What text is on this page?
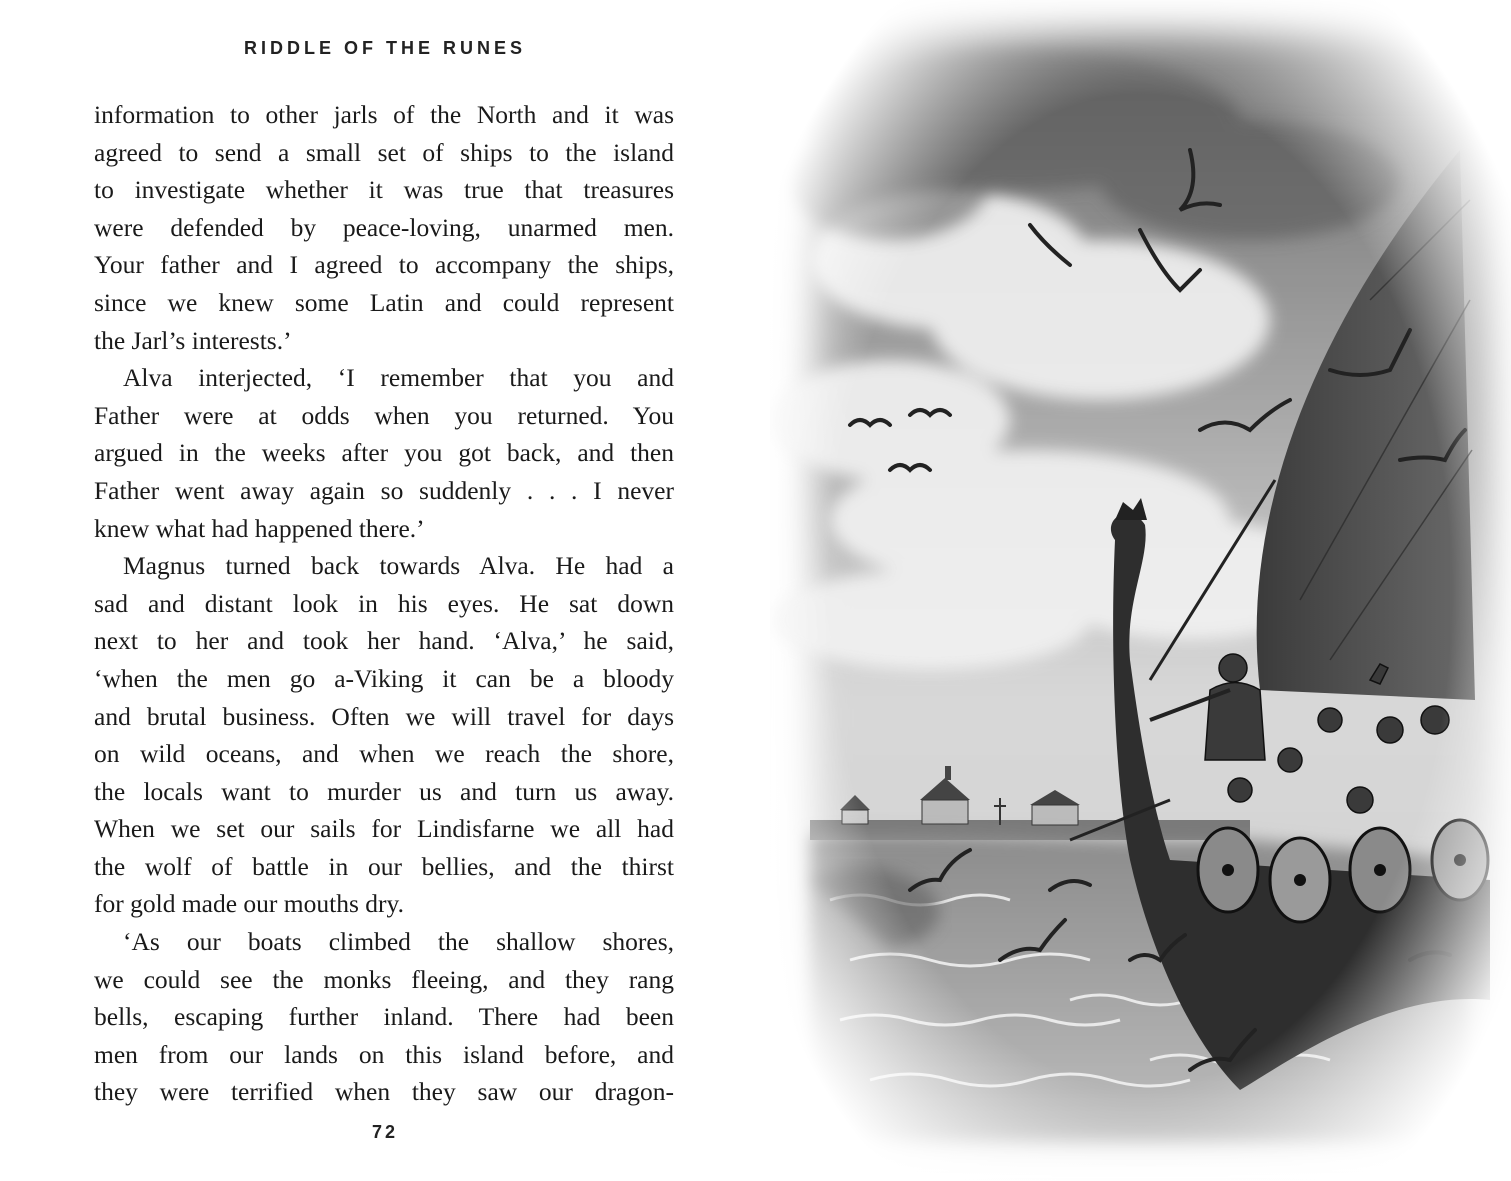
RIDDLE OF THE RUNES
information to other jarls of the North and it was
agreed to send a small set of ships to the island
to investigate whether it was true that treasures
were defended by peace-loving, unarmed men.
Your father and I agreed to accompany the ships,
since we knew some Latin and could represent
the Jarl’s interests.’
Alva interjected, ‘I remember that you and
Father were at odds when you returned. You
argued in the weeks after you got back, and then
Father went away again so suddenly . . . I never
knew what had happened there.’
Magnus turned back towards Alva. He had a
sad and distant look in his eyes. He sat down
next to her and took her hand. ‘Alva,’ he said,
‘when the men go a-Viking it can be a bloody
and brutal business. Often we will travel for days
on wild oceans, and when we reach the shore,
the locals want to murder us and turn us away.
When we set our sails for Lindisfarne we all had
the wolf of battle in our bellies, and the thirst
for gold made our mouths dry.
‘As our boats climbed the shallow shores,
we could see the monks fleeing, and they rang
bells, escaping further inland. There had been
men from our lands on this island before, and
they were terrified when they saw our dragon-
72
